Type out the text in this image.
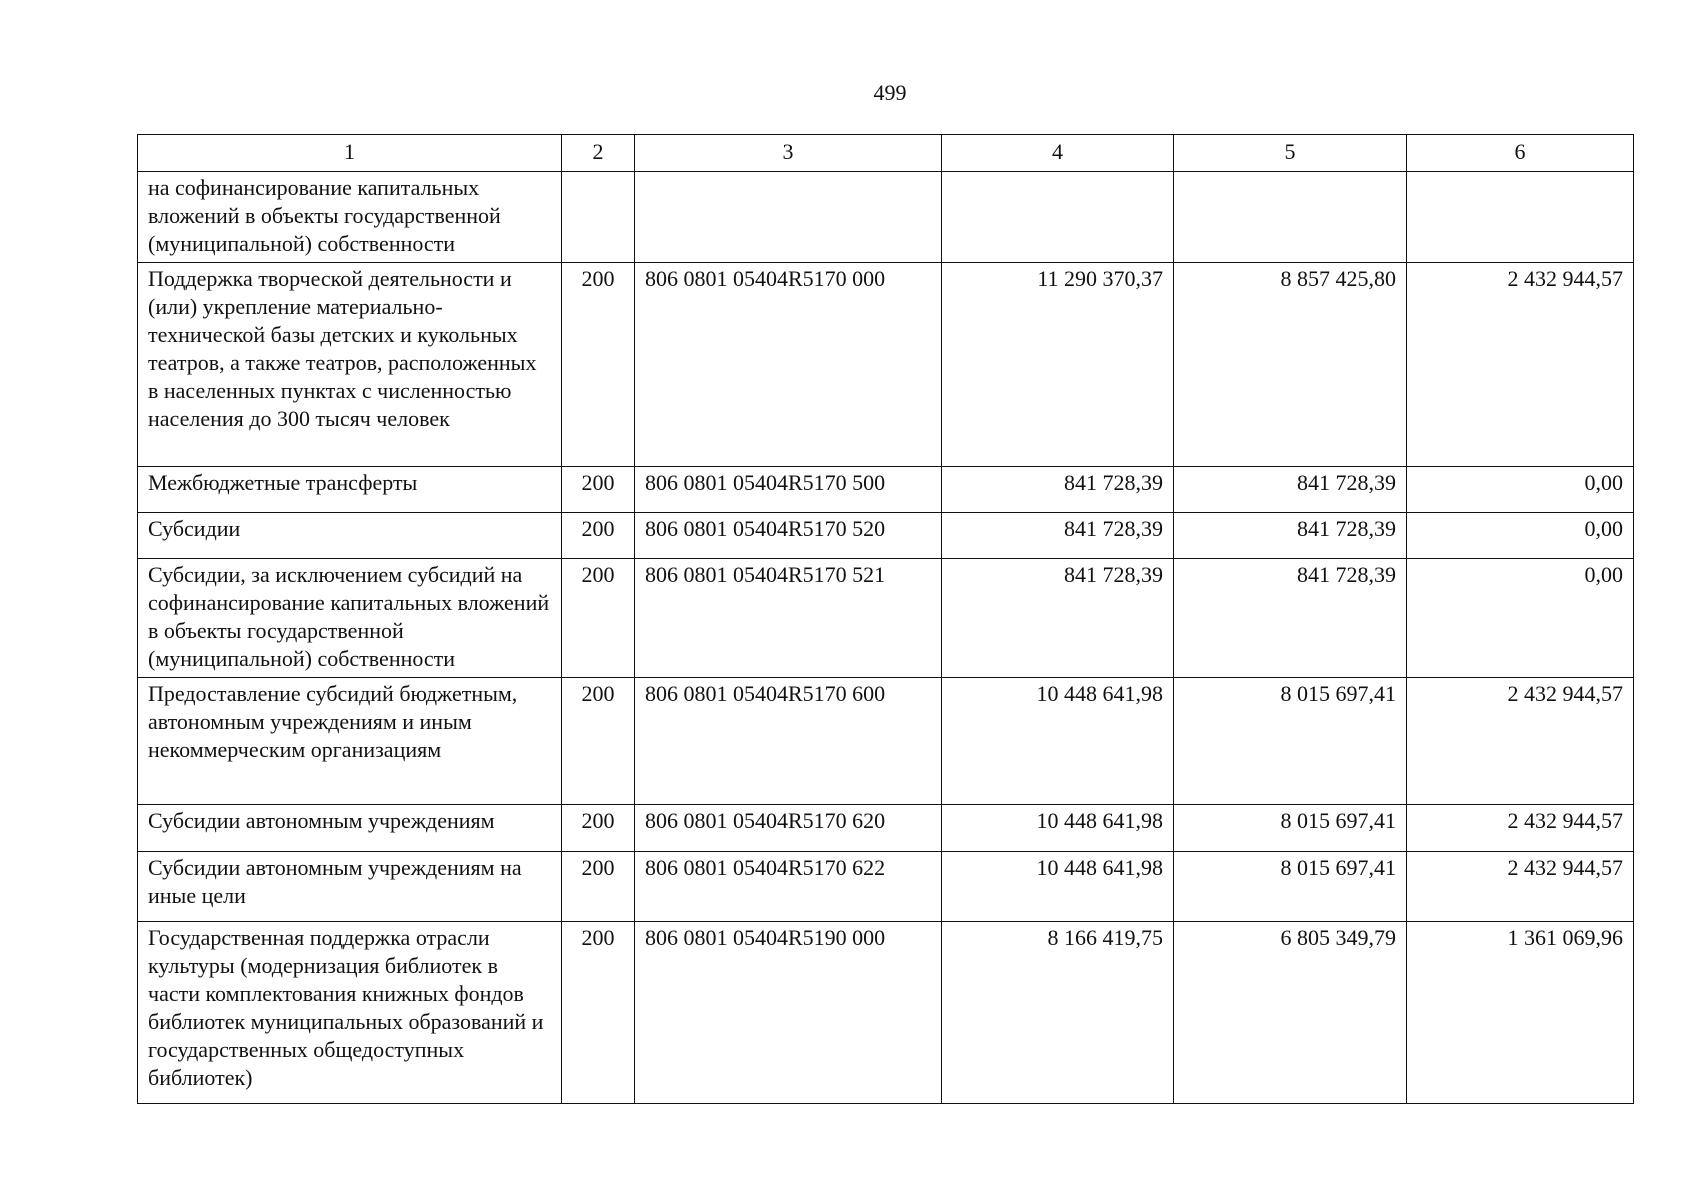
499
1	2	3	4	5	6
на софинансирование капитальных вложений в объекты государственной (муниципальной) собственности					
Поддержка творческой деятельности и (или) укрепление материально-технической базы детских и кукольных театров, а также театров, расположенных в населенных пунктах с численностью населения до 300 тысяч человек	200	806 0801 05404R5170 000	11 290 370,37	8 857 425,80	2 432 944,57
Межбюджетные трансферты	200	806 0801 05404R5170 500	841 728,39	841 728,39	0,00
Субсидии	200	806 0801 05404R5170 520	841 728,39	841 728,39	0,00
Субсидии, за исключением субсидий на софинансирование капитальных вложений в объекты государственной (муниципальной) собственности	200	806 0801 05404R5170 521	841 728,39	841 728,39	0,00
Предоставление субсидий бюджетным, автономным учреждениям и иным некоммерческим организациям	200	806 0801 05404R5170 600	10 448 641,98	8 015 697,41	2 432 944,57
Субсидии автономным учреждениям	200	806 0801 05404R5170 620	10 448 641,98	8 015 697,41	2 432 944,57
Субсидии автономным учреждениям на иные цели	200	806 0801 05404R5170 622	10 448 641,98	8 015 697,41	2 432 944,57
Государственная поддержка отрасли культуры (модернизация библиотек в части комплектования книжных фондов библиотек муниципальных образований и государственных общедоступных библиотек)	200	806 0801 05404R5190 000	8 166 419,75	6 805 349,79	1 361 069,96
